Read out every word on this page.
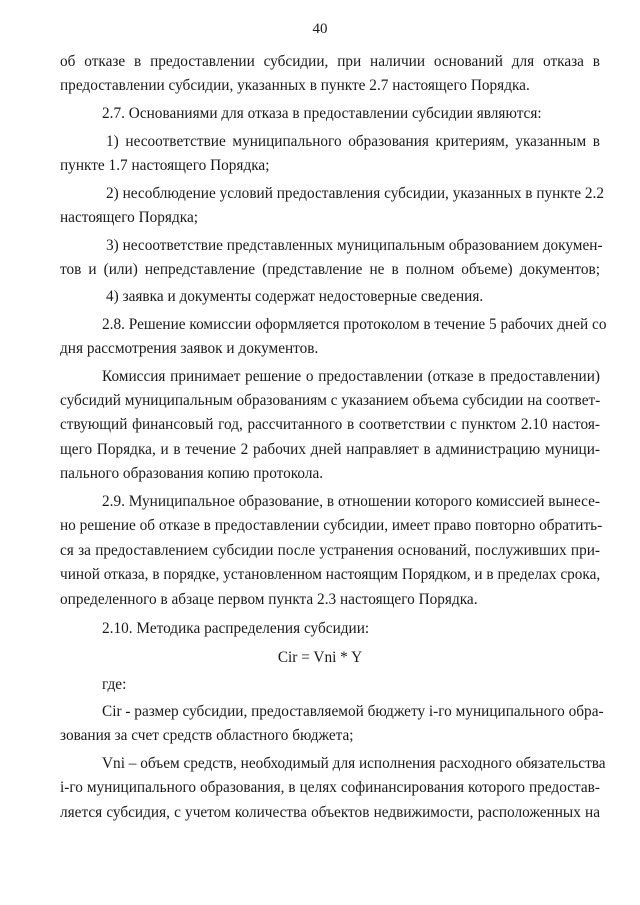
40
об отказе в предоставлении субсидии, при наличии оснований для отказа в
предоставлении субсидии, указанных в пункте 2.7 настоящего Порядка.
2.7. Основаниями для отказа в предоставлении субсидии являются:
1) несоответствие муниципального образования критериям, указанным в
пункте 1.7 настоящего Порядка;
2) несоблюдение условий предоставления субсидии, указанных в пункте 2.2
настоящего Порядка;
3) несоответствие представленных муниципальным образованием докумен-
тов и (или) непредставление (представление не в полном объеме) документов;
4) заявка и документы содержат недостоверные сведения.
2.8. Решение комиссии оформляется протоколом в течение 5 рабочих дней со
дня рассмотрения заявок и документов.
Комиссия принимает решение о предоставлении (отказе в предоставлении)
субсидий муниципальным образованиям с указанием объема субсидии на соответ-
ствующий финансовый год, рассчитанного в соответствии с пунктом 2.10 настоя-
щего Порядка, и в течение 2 рабочих дней направляет в администрацию муници-
пального образования копию протокола.
2.9. Муниципальное образование, в отношении которого комиссией вынесе-
но решение об отказе в предоставлении субсидии, имеет право повторно обратить-
ся за предоставлением субсидии после устранения оснований, послуживших при-
чиной отказа, в порядке, установленном настоящим Порядком, и в пределах срока,
определенного в абзаце первом пункта 2.3 настоящего Порядка.
2.10. Методика распределения субсидии:
Cir = Vni * Y
где:
Cir - размер субсидии, предоставляемой бюджету i-го муниципального обра-
зования за счет средств областного бюджета;
Vni – объем средств, необходимый для исполнения расходного обязательства
i-го муниципального образования, в целях софинансирования которого предостав-
ляется субсидия, с учетом количества объектов недвижимости, расположенных на
